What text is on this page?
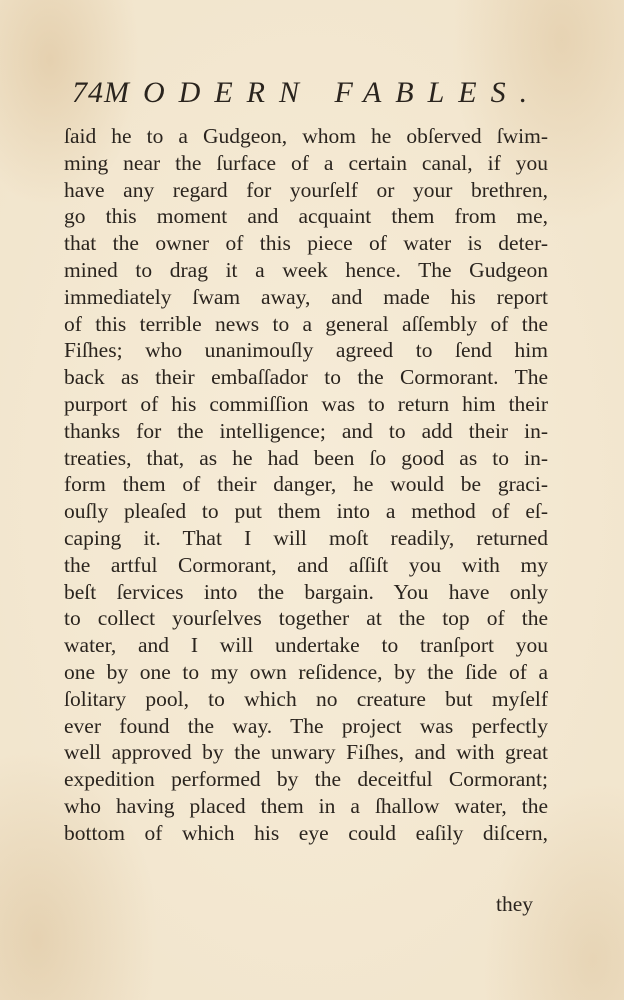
74 MODERN FABLES.
ſaid he to a Gudgeon, whom he obſerved ſwim-
ming near the ſurface of a certain canal, if you
have any regard for yourſelf or your brethren,
go this moment and acquaint them from me,
that the owner of this piece of water is deter-
mined to drag it a week hence. The Gudgeon
immediately ſwam away, and made his report
of this terrible news to a general aſſembly of the
Fiſhes; who unanimouſly agreed to ſend him
back as their embaſſador to the Cormorant. The
purport of his commiſſion was to return him their
thanks for the intelligence; and to add their in-
treaties, that, as he had been ſo good as to in-
form them of their danger, he would be graci-
ouſly pleaſed to put them into a method of eſ-
caping it. That I will moſt readily, returned
the artful Cormorant, and aſſiſt you with my
beſt ſervices into the bargain. You have only
to collect yourſelves together at the top of the
water, and I will undertake to tranſport you
one by one to my own reſidence, by the ſide of a
ſolitary pool, to which no creature but myſelf
ever found the way. The project was perfectly
well approved by the unwary Fiſhes, and with great
expedition performed by the deceitful Cormorant;
who having placed them in a ſhallow water, the
bottom of which his eye could eaſily diſcern,
they
